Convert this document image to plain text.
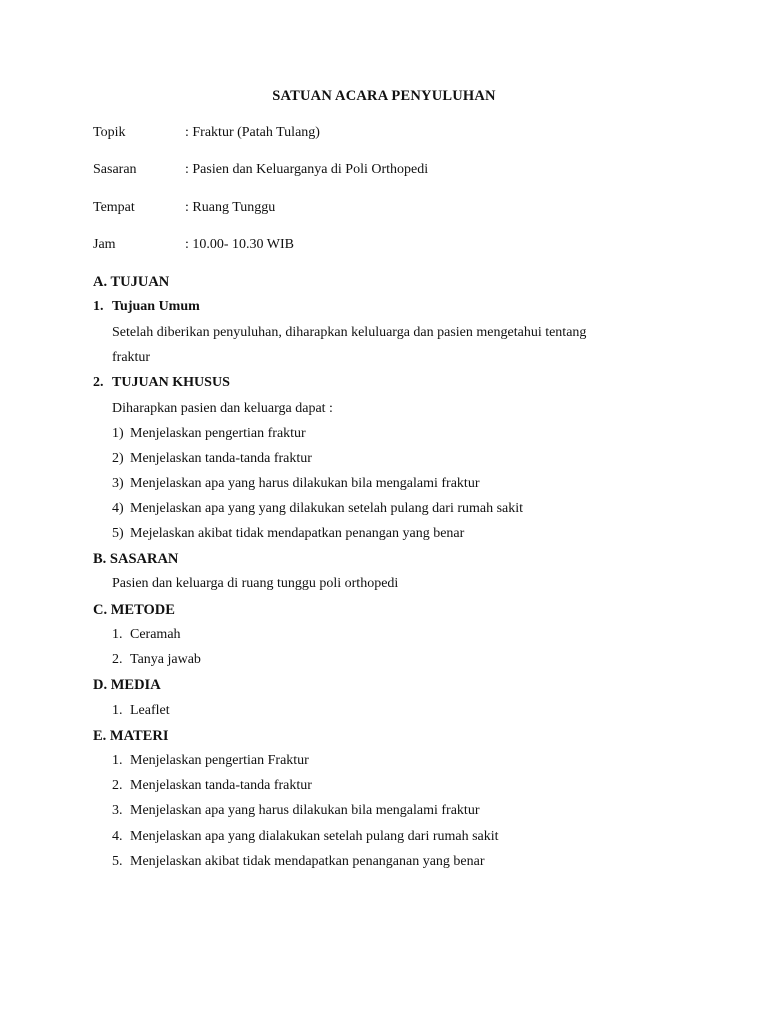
SATUAN ACARA PENYULUHAN
Topik	: Fraktur (Patah Tulang)
Sasaran	: Pasien dan Keluarganya di Poli Orthopedi
Tempat	: Ruang Tunggu
Jam	: 10.00- 10.30 WIB
A. TUJUAN
1. Tujuan Umum
Setelah diberikan penyuluhan, diharapkan keluluarga dan pasien mengetahui tentang
fraktur
2. TUJUAN KHUSUS
Diharapkan pasien dan keluarga dapat :
1) Menjelaskan pengertian fraktur
2) Menjelaskan tanda-tanda fraktur
3) Menjelaskan apa yang harus dilakukan bila mengalami fraktur
4) Menjelaskan apa yang yang dilakukan setelah pulang dari rumah sakit
5) Mejelaskan akibat tidak mendapatkan penangan yang benar
B. SASARAN
Pasien dan keluarga di ruang tunggu poli orthopedi
C. METODE
1. Ceramah
2. Tanya jawab
D. MEDIA
1. Leaflet
E. MATERI
1. Menjelaskan pengertian Fraktur
2. Menjelaskan tanda-tanda fraktur
3. Menjelaskan apa yang harus dilakukan bila mengalami fraktur
4. Menjelaskan apa yang dialakukan setelah pulang dari rumah sakit
5. Menjelaskan akibat tidak mendapatkan penanganan yang benar
